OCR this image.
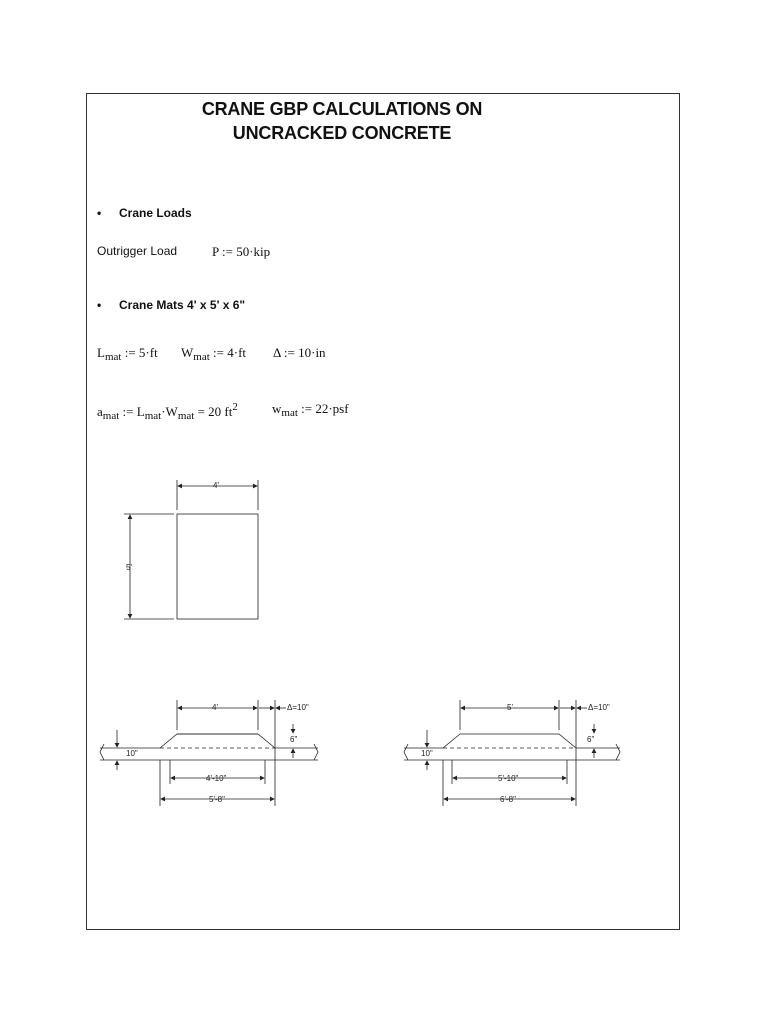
CRANE GBP CALCULATIONS ON
UNCRACKED CONCRETE
• Crane Loads
Outrigger Load	P := 50·kip
• Crane Mats 4' x 5' x 6"
$L_{mat}$ := 5·ft $W_{mat}$ := 4·ft Δ := 10·in
$a_{mat}$ := $L_{mat}\cdot W_{mat} = 20$ $ft^2$	$w_{mat}$ := 22·psf
4'
5'
4'	Δ=10"
6"
10"
4'-10"
5'-8"
5'	Δ=10"
6"
10"
5'-10"
6'-8"
